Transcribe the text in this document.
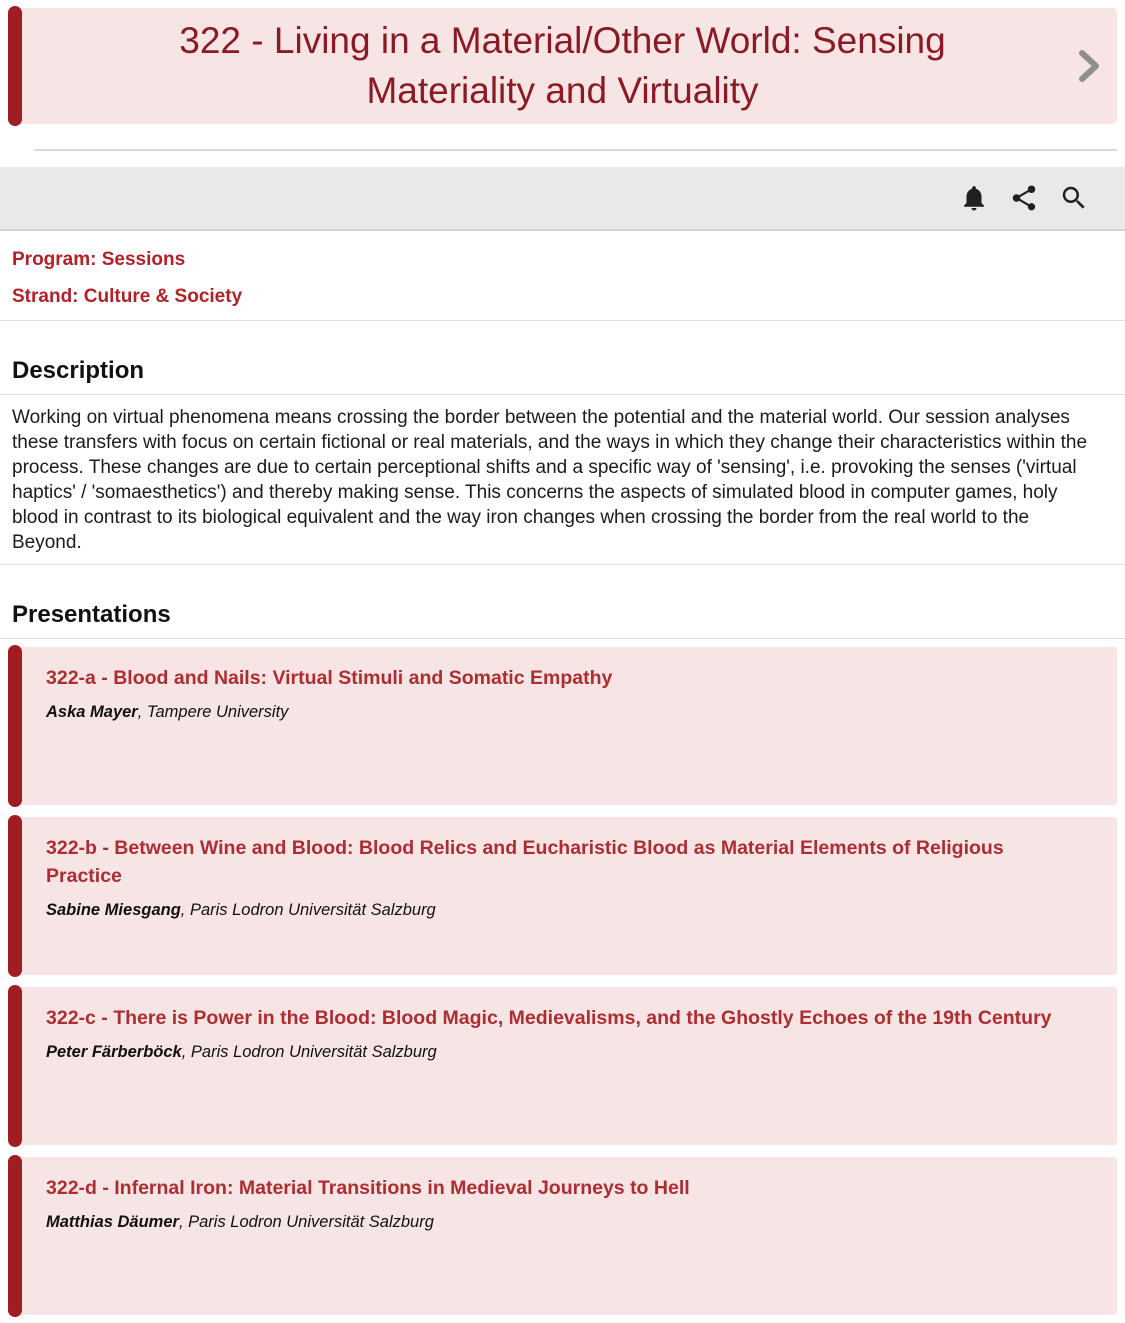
322 - Living in a Material/Other World: Sensing Materiality and Virtuality
Program: Sessions
Strand: Culture & Society
Description

Working on virtual phenomena means crossing the border between the potential and the material world. Our session analyses these transfers with focus on certain fictional or real materials, and the ways in which they change their characteristics within the process. These changes are due to certain perceptional shifts and a specific way of 'sensing', i.e. provoking the senses ('virtual haptics' / 'somaesthetics') and thereby making sense. This concerns the aspects of simulated blood in computer games, holy blood in contrast to its biological equivalent and the way iron changes when crossing the border from the real world to the Beyond.

Presentations
322-a - Blood and Nails: Virtual Stimuli and Somatic Empathy
Aska Mayer, Tampere University
322-b - Between Wine and Blood: Blood Relics and Eucharistic Blood as Material Elements of Religious Practice
Sabine Miesgang, Paris Lodron Universität Salzburg
322-c - There is Power in the Blood: Blood Magic, Medievalisms, and the Ghostly Echoes of the 19th Century
Peter Färberböck, Paris Lodron Universität Salzburg
322-d - Infernal Iron: Material Transitions in Medieval Journeys to Hell
Matthias Däumer, Paris Lodron Universität Salzburg
